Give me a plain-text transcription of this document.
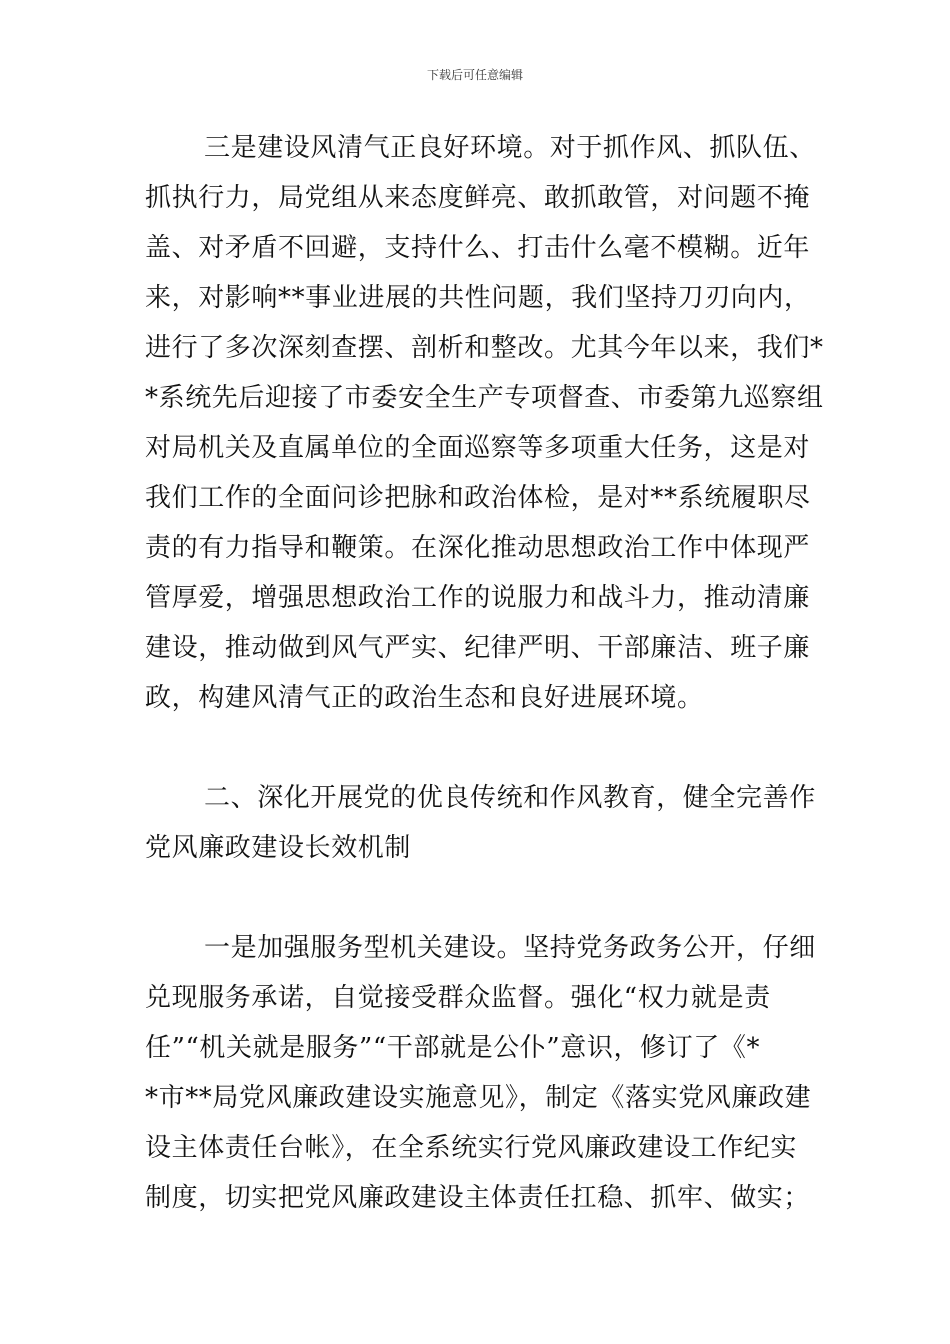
下载后可任意编辑
三是建设风清气正良好环境。对于抓作风、抓队伍、
抓执行力，局党组从来态度鲜亮、敢抓敢管，对问题不掩
盖、对矛盾不回避，支持什么、打击什么毫不模糊。近年
来，对影响**事业进展的共性问题，我们坚持刀刃向内，
进行了多次深刻查摆、剖析和整改。尤其今年以来，我们*
*系统先后迎接了市委安全生产专项督查、市委第九巡察组
对局机关及直属单位的全面巡察等多项重大任务，这是对
我们工作的全面问诊把脉和政治体检，是对**系统履职尽
责的有力指导和鞭策。在深化推动思想政治工作中体现严
管厚爱，增强思想政治工作的说服力和战斗力，推动清廉
建设，推动做到风气严实、纪律严明、干部廉洁、班子廉
政，构建风清气正的政治生态和良好进展环境。
二、深化开展党的优良传统和作风教育，健全完善作
党风廉政建设长效机制
一是加强服务型机关建设。坚持党务政务公开，仔细
兑现服务承诺，自觉接受群众监督。强化“权力就是责
任”“机关就是服务”“干部就是公仆”意识，修订了《*
*市**局党风廉政建设实施意见》，制定《落实党风廉政建
设主体责任台帐》，在全系统实行党风廉政建设工作纪实
制度，切实把党风廉政建设主体责任扛稳、抓牢、做实；
